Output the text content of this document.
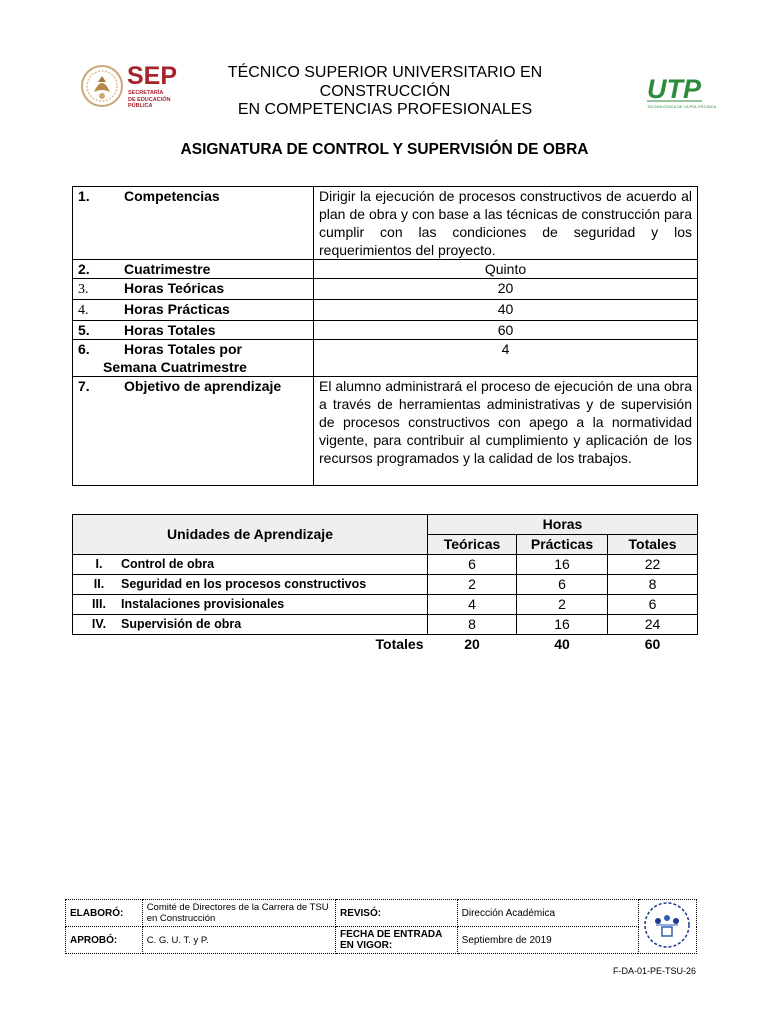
SEP
SECRETARÍA
DE EDUCACIÓN
PÚBLICA
TÉCNICO SUPERIOR UNIVERSITARIO EN
CONSTRUCCIÓN
EN COMPETENCIAS PROFESIONALES
UTP
TECNOLÓGICA DE LA POLITÉCNICA
ASIGNATURA DE CONTROL Y SUPERVISIÓN DE OBRA
1. Competencias	Dirigir la ejecución de procesos constructivos de acuerdo al plan de obra y con base a las técnicas de construcción para cumplir con las condiciones de seguridad y los requerimientos del proyecto.
2. Cuatrimestre	Quinto
3. Horas Teóricas	20
4. Horas Prácticas	40
5. Horas Totales	60
6. Horas Totales por
Semana Cuatrimestre	4
7. Objetivo de aprendizaje	El alumno administrará el proceso de ejecución de una obra a través de herramientas administrativas y de supervisión de procesos constructivos con apego a la normatividad vigente, para contribuir al cumplimiento y aplicación de los recursos programados y la calidad de los trabajos.
Unidades de Aprendizaje	Horas		
	Teóricas	Prácticas	Totales
I. Control de obra	6	16	22
II. Seguridad en los procesos constructivos	2	6	8
III. Instalaciones provisionales	4	2	6
IV. Supervisión de obra	8	16	24
Totales	20	40	60
ELABORÓ:	Comité de Directores de la Carrera de TSU en Construcción	REVISÓ:	Dirección Académica	
APROBÓ:	C. G. U. T. y P.	FECHA DE ENTRADA EN VIGOR:	Septiembre de 2019	
F-DA-01-PE-TSU-26
